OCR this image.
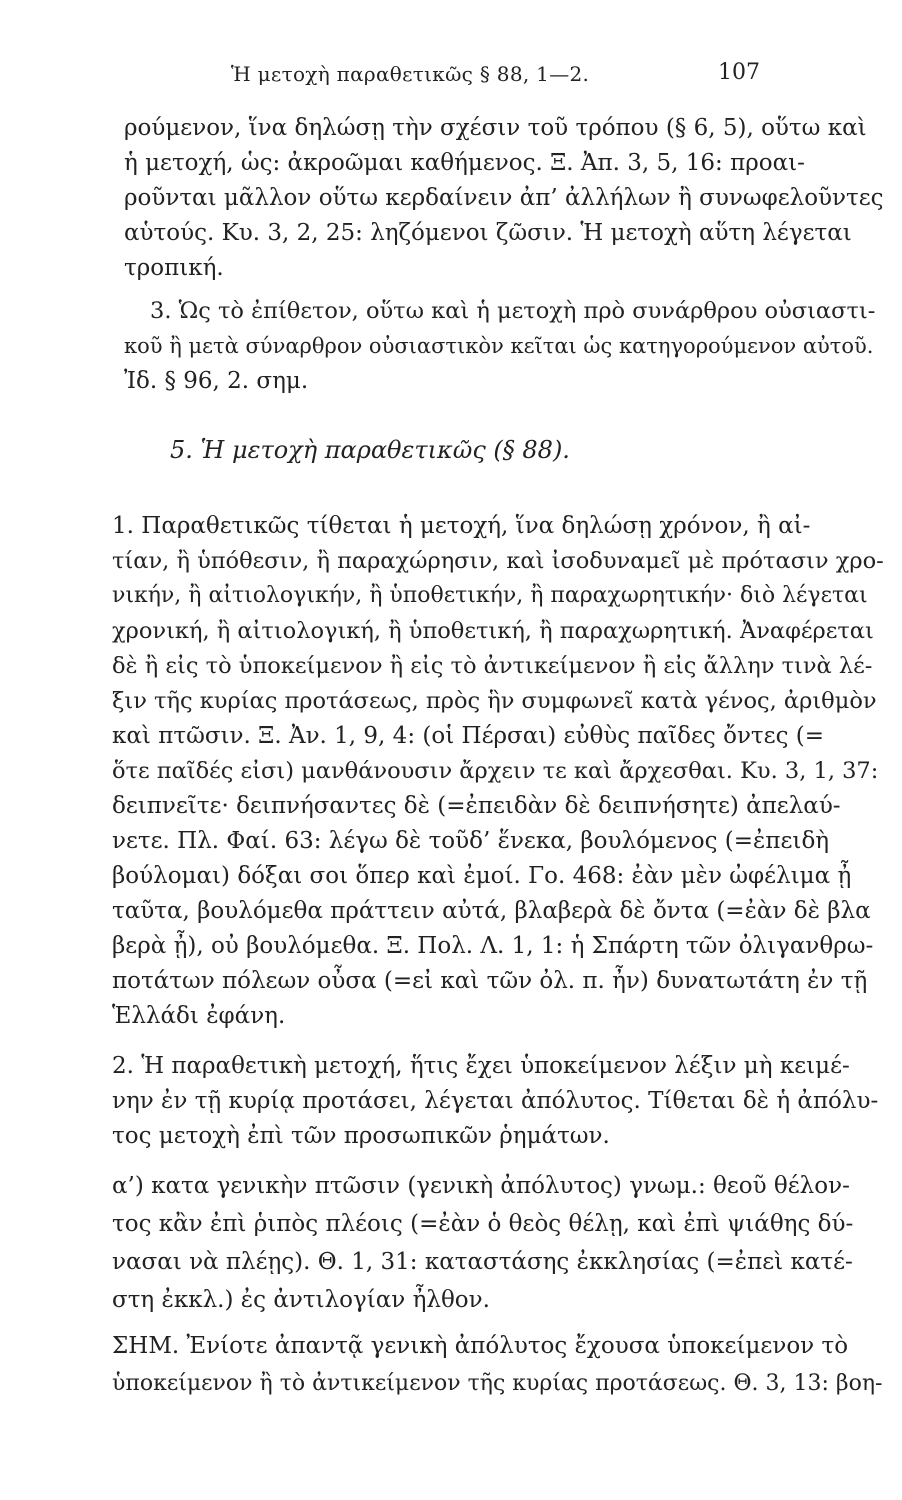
Ἡ μετοχὴ παραθετικῶς § 88, 1—2.	107
ρούμενον, ἵνα δηλώσῃ τὴν σχέσιν τοῦ τρόπου (§ 6, 5), οὕτω καὶ
ἡ μετοχή, ὡς: ἀκροῶμαι καθήμενος. Ξ. Ἀπ. 3, 5, 16: προαι-
ροῦνται μᾶλλον οὕτω κερδαίνειν ἀπ’ ἀλλήλων ἢ συνωφελοῦντες
αὑτούς. Κυ. 3, 2, 25: ληζόμενοι ζῶσιν. Ἡ μετοχὴ αὕτη λέγεται
τροπική.
3. Ὡς τὸ ἐπίθετον, οὕτω καὶ ἡ μετοχὴ πρὸ συνάρθρου οὐσιαστι-
κοῦ ἢ μετὰ σύναρθρον οὐσιαστικὸν κεῖται ὡς κατηγορούμενον αὐτοῦ.
Ἰδ. § 96, 2. σημ.
5. Ἡ μετοχὴ παραθετικῶς (§ 88).
1. Παραθετικῶς τίθεται ἡ μετοχή, ἵνα δηλώσῃ χρόνον, ἢ αἰ-
τίαν, ἢ ὑπόθεσιν, ἢ παραχώρησιν, καὶ ἰσοδυναμεῖ μὲ πρότασιν χρο-
νικήν, ἢ αἰτιολογικήν, ἢ ὑποθετικήν, ἢ παραχωρητικήν· διὸ λέγεται
χρονική, ἢ αἰτιολογική, ἢ ὑποθετική, ἢ παραχωρητική. Ἀναφέρεται
δὲ ἢ εἰς τὸ ὑποκείμενον ἢ εἰς τὸ ἀντικείμενον ἢ εἰς ἄλλην τινὰ λέ-
ξιν τῆς κυρίας προτάσεως, πρὸς ἣν συμφωνεῖ κατὰ γένος, ἀριθμὸν
καὶ πτῶσιν. Ξ. Ἀν. 1, 9, 4: (οἱ Πέρσαι) εὐθὺς παῖδες ὄντες (=
ὅτε παῖδές εἰσι) μανθάνουσιν ἄρχειν τε καὶ ἄρχεσθαι. Κυ. 3, 1, 37:
δειπνεῖτε· δειπνήσαντες δὲ (=ἐπειδὰν δὲ δειπνήσητε) ἀπελαύ-
νετε. Πλ. Φαί. 63: λέγω δὲ τοῦδ’ ἕνεκα, βουλόμενος (=ἐπειδὴ
βούλομαι) δόξαι σοι ὅπερ καὶ ἐμοί. Γο. 468: ἐὰν μὲν ὠφέλιμα ᾖ
ταῦτα, βουλόμεθα πράττειν αὐτά, βλαβερὰ δὲ ὄντα (=ἐὰν δὲ βλα
βερὰ ᾖ), οὐ βουλόμεθα. Ξ. Πολ. Λ. 1, 1: ἡ Σπάρτη τῶν ὀλιγανθρω-
ποτάτων πόλεων οὖσα (=εἰ καὶ τῶν ὀλ. π. ἦν) δυνατωτάτη ἐν τῇ
Ἑλλάδι ἐφάνη.
2. Ἡ παραθετικὴ μετοχή, ἥτις ἔχει ὑποκείμενον λέξιν μὴ κειμέ-
νην ἐν τῇ κυρίᾳ προτάσει, λέγεται ἀπόλυτος. Τίθεται δὲ ἡ ἀπόλυ-
τος μετοχὴ ἐπὶ τῶν προσωπικῶν ῥημάτων.
α’) κατα γενικὴν πτῶσιν (γενικὴ ἀπόλυτος) γνωμ.: θεοῦ θέλον-
τος κἂν ἐπὶ ῥιπὸς πλέοις (=ἐὰν ὁ θεὸς θέλῃ, καὶ ἐπὶ ψιάθης δύ-
νασαι νὰ πλέῃς). Θ. 1, 31: καταστάσης ἐκκλησίας (=ἐπεὶ κατέ-
στη ἐκκλ.) ἐς ἀντιλογίαν ἦλθον.
ΣΗΜ. Ἐνίοτε ἀπαντᾷ γενικὴ ἀπόλυτος ἔχουσα ὑποκείμενον τὸ
ὑποκείμενον ἢ τὸ ἀντικείμενον τῆς κυρίας προτάσεως. Θ. 3, 13: βοη-
